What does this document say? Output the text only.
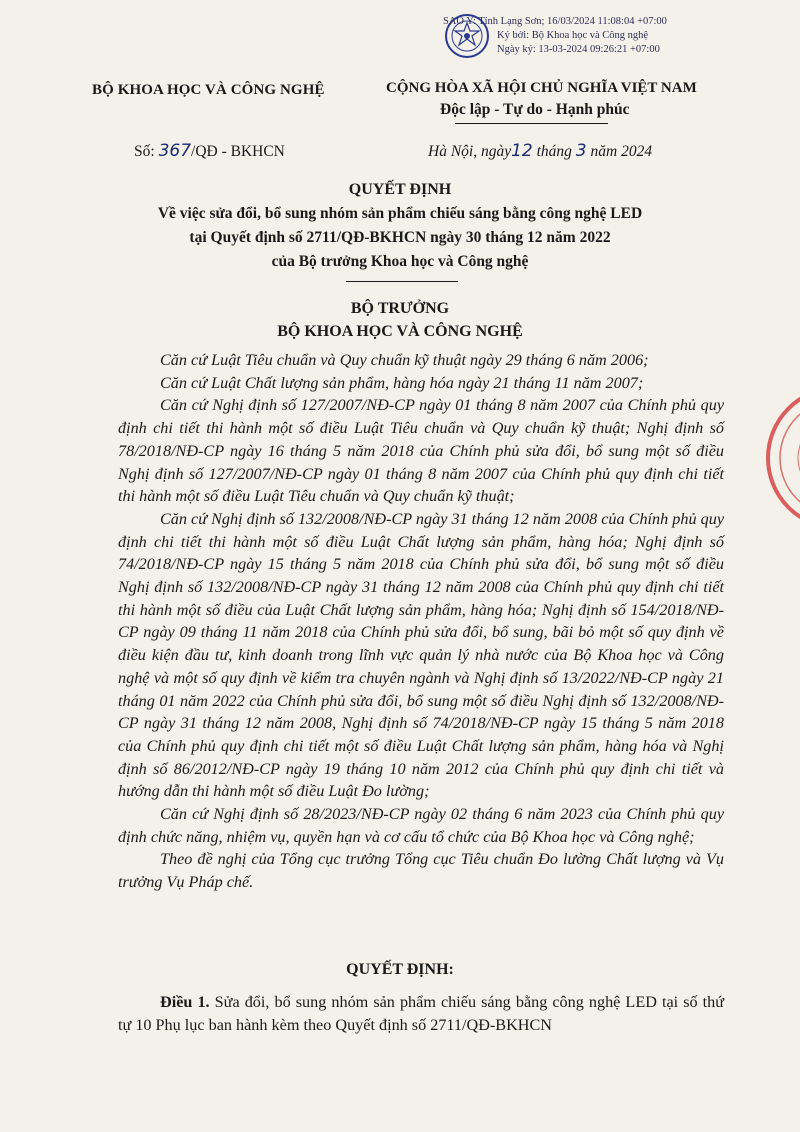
SAO Y: Tỉnh Lạng Sơn; 16/03/2024 11:08:04 +07:00
Ký bởi: Bộ Khoa học và Công nghệ
Ngày ký: 13-03-2024 09:26:21 +07:00
BỘ KHOA HỌC VÀ CÔNG NGHỆ	CỘNG HÒA XÃ HỘI CHỦ NGHĨA VIỆT NAM
Độc lập - Tự do - Hạnh phúc
Số: 367/QĐ - BKHCN	Hà Nội, ngày12 tháng 3 năm 2024
QUYẾT ĐỊNH
Về việc sửa đổi, bổ sung nhóm sản phẩm chiếu sáng bằng công nghệ LED
tại Quyết định số 2711/QĐ-BKHCN ngày 30 tháng 12 năm 2022
của Bộ trưởng Khoa học và Công nghệ
BỘ TRƯỞNG
BỘ KHOA HỌC VÀ CÔNG NGHỆ

Căn cứ Luật Tiêu chuẩn và Quy chuẩn kỹ thuật ngày 29 tháng 6 năm 2006;

Căn cứ Luật Chất lượng sản phẩm, hàng hóa ngày 21 tháng 11 năm 2007;

Căn cứ Nghị định số 127/2007/NĐ-CP ngày 01 tháng 8 năm 2007 của Chính phủ quy định chi tiết thi hành một số điều Luật Tiêu chuẩn và Quy chuẩn kỹ thuật; Nghị định số 78/2018/NĐ-CP ngày 16 tháng 5 năm 2018 của Chính phủ sửa đổi, bổ sung một số điều Nghị định số 127/2007/NĐ-CP ngày 01 tháng 8 năm 2007 của Chính phủ quy định chi tiết thi hành một số điều Luật Tiêu chuẩn và Quy chuẩn kỹ thuật;

Căn cứ Nghị định số 132/2008/NĐ-CP ngày 31 tháng 12 năm 2008 của Chính phủ quy định chi tiết thi hành một số điều Luật Chất lượng sản phẩm, hàng hóa; Nghị định số 74/2018/NĐ-CP ngày 15 tháng 5 năm 2018 của Chính phủ sửa đổi, bổ sung một số điều Nghị định số 132/2008/NĐ-CP ngày 31 tháng 12 năm 2008 của Chính phủ quy định chi tiết thi hành một số điều của Luật Chất lượng sản phẩm, hàng hóa; Nghị định số 154/2018/NĐ-CP ngày 09 tháng 11 năm 2018 của Chính phủ sửa đổi, bổ sung, bãi bỏ một số quy định về điều kiện đầu tư, kinh doanh trong lĩnh vực quản lý nhà nước của Bộ Khoa học và Công nghệ và một số quy định về kiểm tra chuyên ngành và Nghị định số 13/2022/NĐ-CP ngày 21 tháng 01 năm 2022 của Chính phủ sửa đổi, bổ sung một số điều Nghị định số 132/2008/NĐ-CP ngày 31 tháng 12 năm 2008, Nghị định số 74/2018/NĐ-CP ngày 15 tháng 5 năm 2018 của Chính phủ quy định chi tiết một số điều Luật Chất lượng sản phẩm, hàng hóa và Nghị định số 86/2012/NĐ-CP ngày 19 tháng 10 năm 2012 của Chính phủ quy định chi tiết và hướng dẫn thi hành một số điều Luật Đo lường;

Căn cứ Nghị định số 28/2023/NĐ-CP ngày 02 tháng 6 năm 2023 của Chính phủ quy định chức năng, nhiệm vụ, quyền hạn và cơ cấu tổ chức của Bộ Khoa học và Công nghệ;

Theo đề nghị của Tổng cục trưởng Tổng cục Tiêu chuẩn Đo lường Chất lượng và Vụ trưởng Vụ Pháp chế.

QUYẾT ĐỊNH:

Điều 1. Sửa đổi, bổ sung nhóm sản phẩm chiếu sáng bằng công nghệ LED tại số thứ tự 10 Phụ lục ban hành kèm theo Quyết định số 2711/QĐ-BKHCN
